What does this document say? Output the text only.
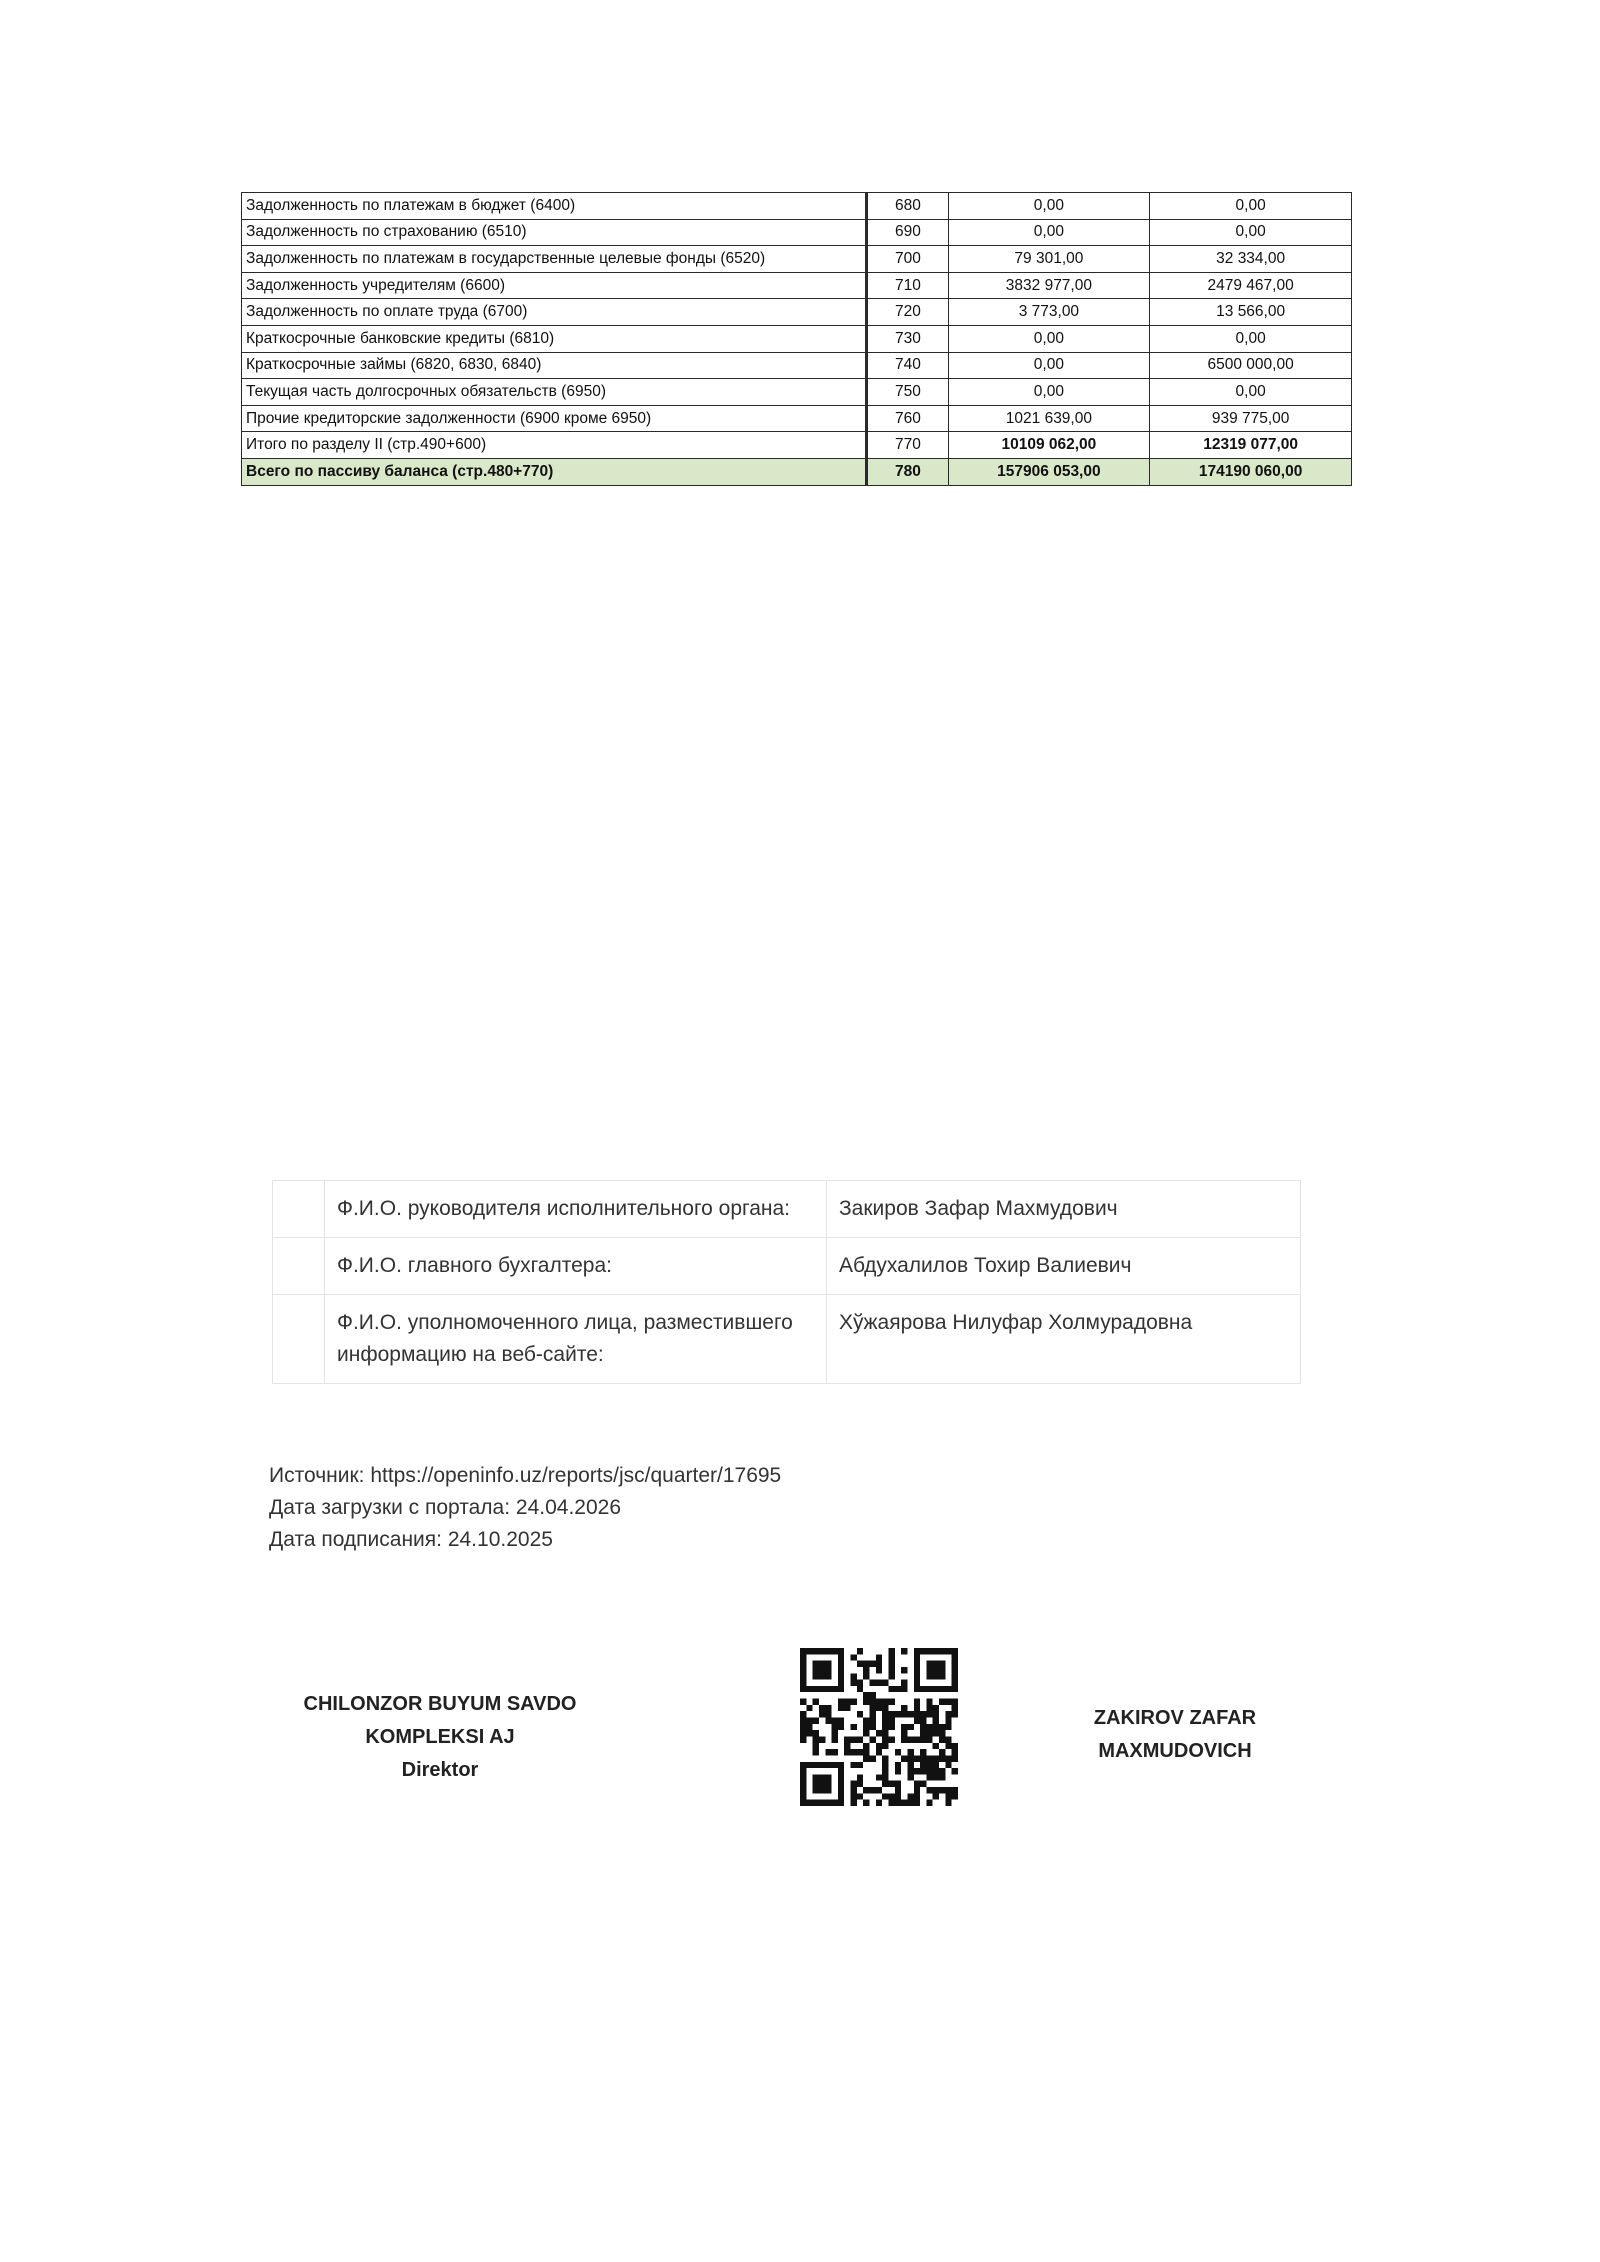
Задолженность по платежам в бюджет (6400)	680	0,00	0,00
Задолженность по страхованию (6510)	690	0,00	0,00
Задолженность по платежам в государственные целевые фонды (6520)	700	79 301,00	32 334,00
Задолженность учредителям (6600)	710	3832 977,00	2479 467,00
Задолженность по оплате труда (6700)	720	3 773,00	13 566,00
Краткосрочные банковские кредиты (6810)	730	0,00	0,00
Краткосрочные займы (6820, 6830, 6840)	740	0,00	6500 000,00
Текущая часть долгосрочных обязательств (6950)	750	0,00	0,00
Прочие кредиторские задолженности (6900 кроме 6950)	760	1021 639,00	939 775,00
Итого по разделу II (стр.490+600)	770	10109 062,00	12319 077,00
Всего по пассиву баланса (стр.480+770)	780	157906 053,00	174190 060,00
	Ф.И.О. руководителя исполнительного органа:	Закиров Зафар Махмудович
	Ф.И.О. главного бухгалтера:	Абдухалилов Тохир Валиевич
	Ф.И.О. уполномоченного лица, разместившего информацию на веб-сайте:	Хўжаярова Нилуфар Холмурадовна
Источник: https://openinfo.uz/reports/jsc/quarter/17695
Дата загрузки с портала: 24.04.2026
Дата подписания: 24.10.2025
CHILONZOR BUYUM SAVDO
KOMPLEKSI AJ
Direktor
ZAKIROV ZAFAR
MAXMUDOVICH
